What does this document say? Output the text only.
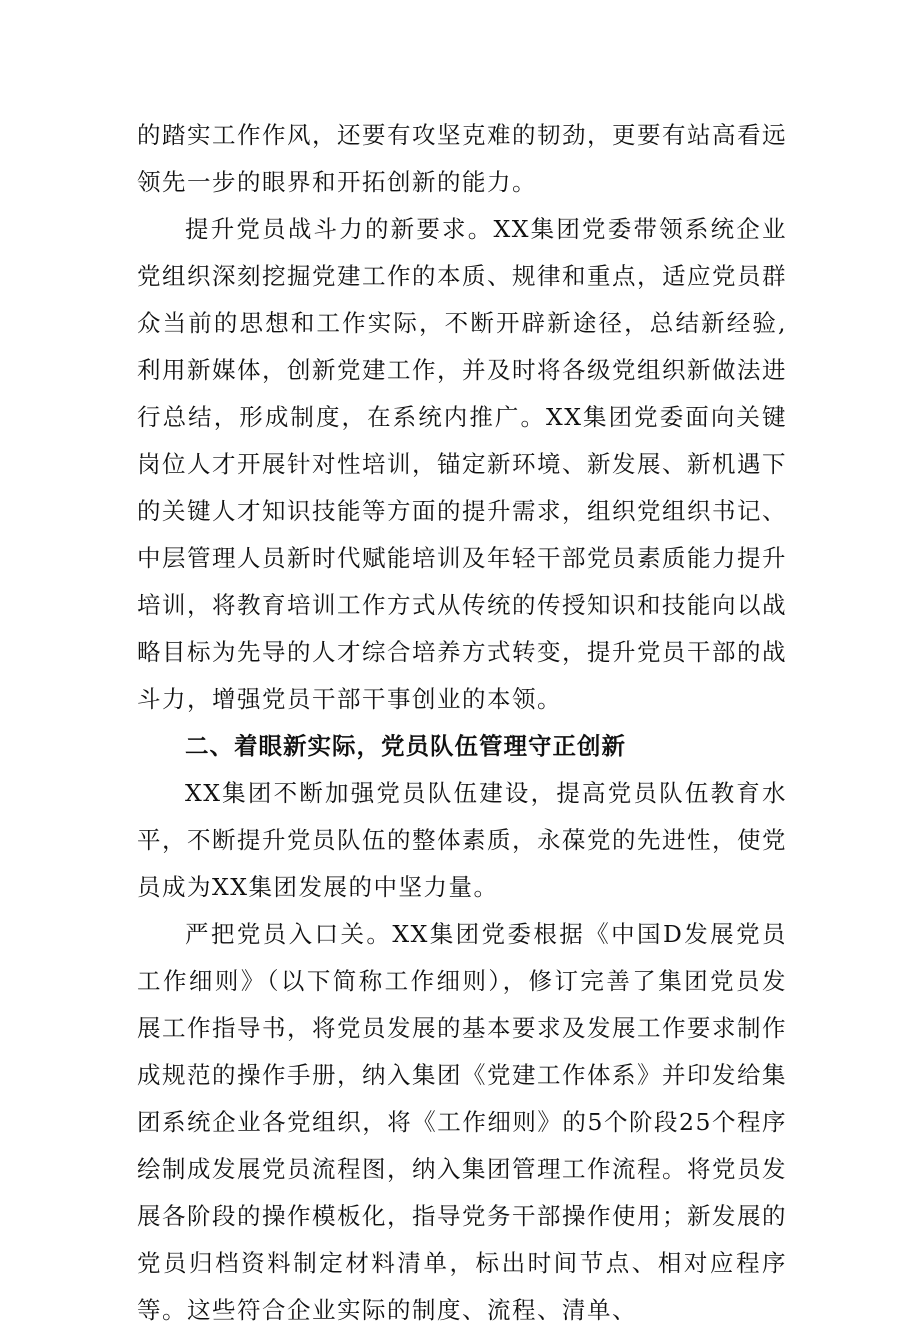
的踏实工作作风，还要有攻坚克难的韧劲，更要有站高看远领先一步的眼界和开拓创新的能力。

提升党员战斗力的新要求。XX集团党委带领系统企业党组织深刻挖掘党建工作的本质、规律和重点，适应党员群众当前的思想和工作实际，不断开辟新途径，总结新经验,利用新媒体，创新党建工作，并及时将各级党组织新做法进行总结，形成制度，在系统内推广。XX集团党委面向关键岗位人才开展针对性培训，锚定新环境、新发展、新机遇下的关键人才知识技能等方面的提升需求，组织党组织书记、中层管理人员新时代赋能培训及年轻干部党员素质能力提升培训，将教育培训工作方式从传统的传授知识和技能向以战略目标为先导的人才综合培养方式转变，提升党员干部的战斗力，增强党员干部干事创业的本领。

二、着眼新实际，党员队伍管理守正创新

XX集团不断加强党员队伍建设，提高党员队伍教育水平，不断提升党员队伍的整体素质，永葆党的先进性，使党员成为XX集团发展的中坚力量。

严把党员入口关。XX集团党委根据《中国D发展党员工作细则》（以下简称工作细则），修订完善了集团党员发展工作指导书，将党员发展的基本要求及发展工作要求制作成规范的操作手册，纳入集团《党建工作体系》并印发给集团系统企业各党组织，将《工作细则》的5个阶段25个程序绘制成发展党员流程图，纳入集团管理工作流程。将党员发展各阶段的操作模板化，指导党务干部操作使用；新发展的党员归档资料制定材料清单，标出时间节点、相对应程序等。这些符合企业实际的制度、流程、清单、
